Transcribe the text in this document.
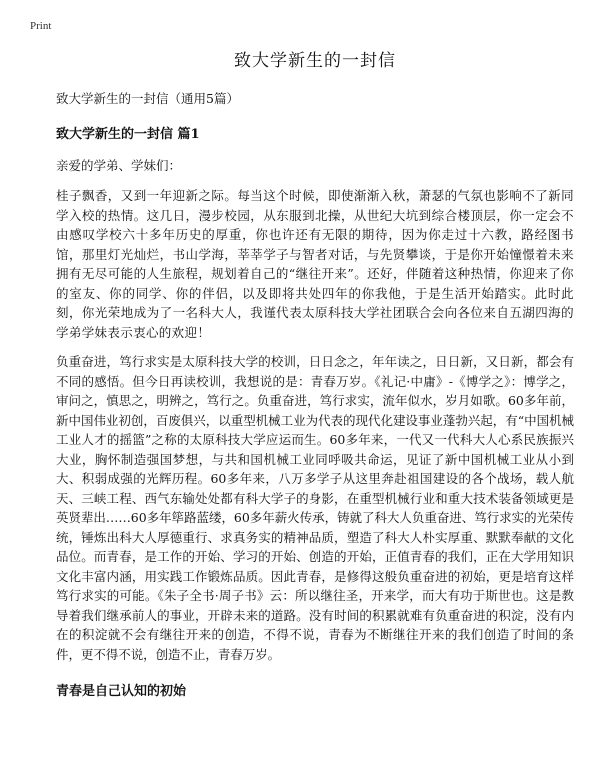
Print
致大学新生的一封信

致大学新生的一封信（通用5篇）

致大学新生的一封信 篇1

亲爱的学弟、学妹们：

桂子飘香，又到一年迎新之际。每当这个时候，即使渐渐入秋，萧瑟的气氛也影响不了新同学入校的热情。这几日，漫步校园，从东服到北操，从世纪大坑到综合楼顶层，你一定会不由感叹学校六十多年历史的厚重，你也许还有无限的期待，因为你走过十六教，路经图书馆，那里灯光灿烂，书山学海，莘莘学子与智者对话，与先贤攀谈，于是你开始憧憬着未来拥有无尽可能的人生旅程，规划着自己的“继往开来”。还好，伴随着这种热情，你迎来了你的室友、你的同学、你的伴侣，以及即将共处四年的你我他，于是生活开始踏实。此时此刻，你光荣地成为了一名科大人，我谨代表太原科技大学社团联合会向各位来自五湖四海的学弟学妹表示衷心的欢迎！

负重奋进，笃行求实是太原科技大学的校训，日日念之，年年读之，日日新，又日新，都会有不同的感悟。但今日再读校训，我想说的是：青春万岁。《礼记·中庸》-《博学之》：博学之，审问之，慎思之，明辨之，笃行之。负重奋进，笃行求实，流年似水，岁月如歌。60多年前，新中国伟业初创，百废俱兴，以重型机械工业为代表的现代化建设事业蓬勃兴起，有“中国机械工业人才的摇篮”之称的太原科技大学应运而生。60多年来，一代又一代科大人心系民族振兴大业，胸怀制造强国梦想，与共和国机械工业同呼吸共命运，见证了新中国机械工业从小到大、积弱成强的光辉历程。60多年来，八万多学子从这里奔赴祖国建设的各个战场，载人航天、三峡工程、西气东输处处都有科大学子的身影，在重型机械行业和重大技术装备领域更是英贤辈出……60多年筚路蓝缕，60多年薪火传承，铸就了科大人负重奋进、笃行求实的光荣传统，锤炼出科大人厚德重行、求真务实的精神品质，塑造了科大人朴实厚重、默默奉献的文化品位。而青春，是工作的开始、学习的开始、创造的开始，正值青春的我们，正在大学用知识文化丰富内涵，用实践工作锻炼品质。因此青春，是修得这般负重奋进的初始，更是培育这样笃行求实的可能。《朱子全书·周子书》云：所以继往圣，开来学，而大有功于斯世也。这是教导着我们继承前人的事业，开辟未来的道路。没有时间的积累就难有负重奋进的积淀，没有内在的积淀就不会有继往开来的创造，不得不说，青春为不断继往开来的我们创造了时间的条件，更不得不说，创造不止，青春万岁。

青春是自己认知的初始
